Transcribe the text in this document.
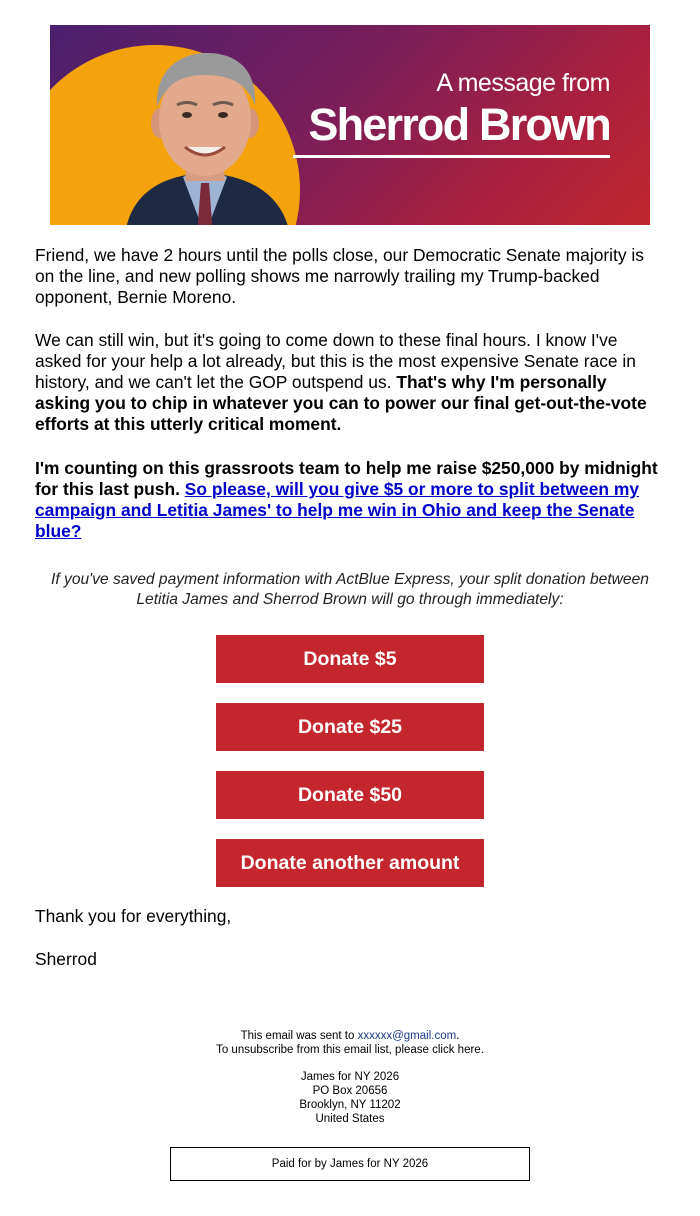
A message from
Sherrod Brown
Friend, we have 2 hours until the polls close, our Democratic Senate majority is on the line, and new polling shows me narrowly trailing my Trump-backed opponent, Bernie Moreno.
We can still win, but it's going to come down to these final hours. I know I've asked for your help a lot already, but this is the most expensive Senate race in history, and we can't let the GOP outspend us. That's why I'm personally asking you to chip in whatever you can to power our final get-out-the-vote efforts at this utterly critical moment.
I'm counting on this grassroots team to help me raise $250,000 by midnight for this last push. So please, will you give $5 or more to split between my campaign and Letitia James' to help me win in Ohio and keep the Senate blue?
If you've saved payment information with ActBlue Express, your split donation between Letitia James and Sherrod Brown will go through immediately:
Donate $5
Donate $25
Donate $50
Donate another amount
Thank you for everything,
Sherrod
This email was sent to xxxxxx@gmail.com.
To unsubscribe from this email list, please click here.
James for NY 2026
PO Box 20656
Brooklyn, NY 11202
United States
Paid for by James for NY 2026
